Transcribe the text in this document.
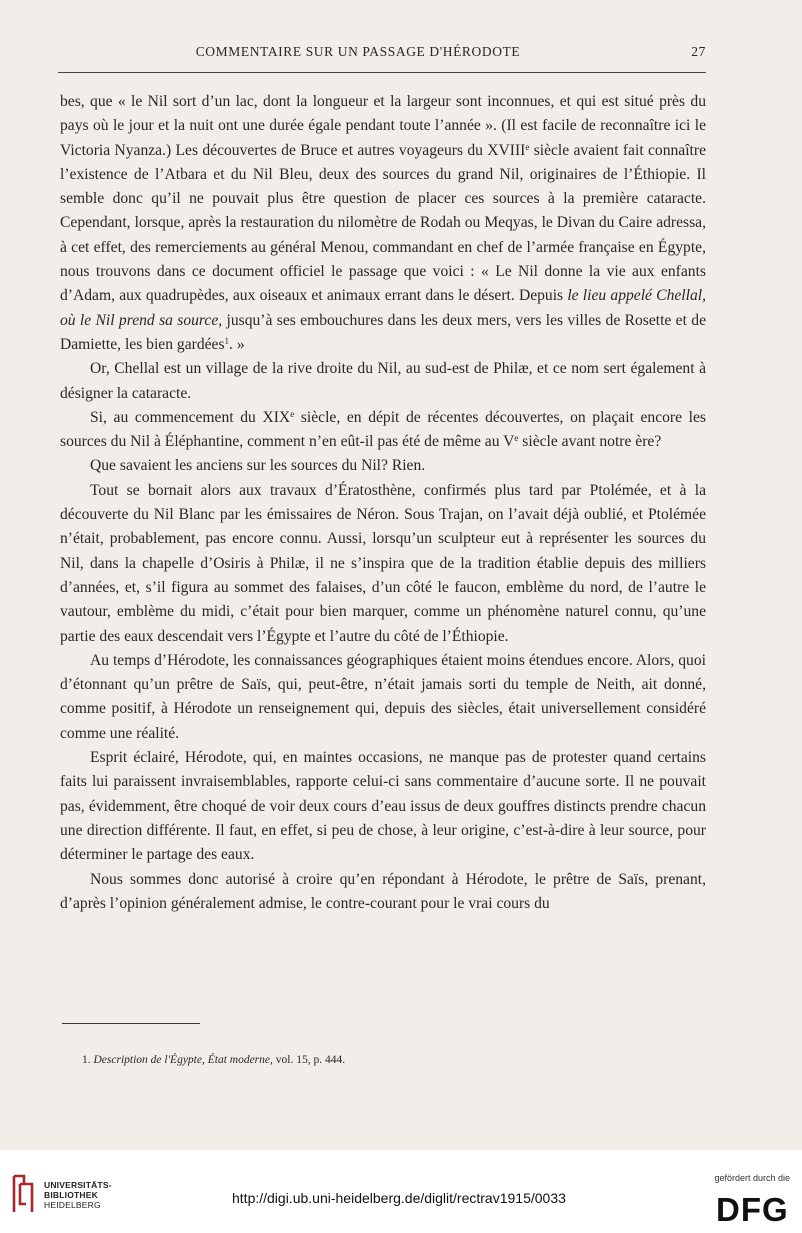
COMMENTAIRE SUR UN PASSAGE D'HÉRODOTE	27

bes, que « le Nil sort d’un lac, dont la longueur et la largeur sont inconnues, et qui est situé près du pays où le jour et la nuit ont une durée égale pendant toute l’année ». (Il est facile de reconnaître ici le Victoria Nyanza.) Les découvertes de Bruce et autres voyageurs du XVIIIe siècle avaient fait connaître l’existence de l’Atbara et du Nil Bleu, deux des sources du grand Nil, originaires de l’Éthiopie. Il semble donc qu’il ne pouvait plus être question de placer ces sources à la première cataracte. Cependant, lorsque, après la restauration du nilomètre de Rodah ou Meqyas, le Divan du Caire adressa, à cet effet, des remerciements au général Menou, commandant en chef de l’armée française en Égypte, nous trouvons dans ce document officiel le passage que voici : « Le Nil donne la vie aux enfants d’Adam, aux quadrupèdes, aux oiseaux et animaux errant dans le désert. Depuis le lieu appelé Chellal, où le Nil prend sa source, jusqu’à ses embouchures dans les deux mers, vers les villes de Rosette et de Damiette, les bien gardées$^1$. »

Or, Chellal est un village de la rive droite du Nil, au sud-est de Philæ, et ce nom sert également à désigner la cataracte.

Si, au commencement du XIXe siècle, en dépit de récentes découvertes, on plaçait encore les sources du Nil à Éléphantine, comment n’en eût-il pas été de même au Ve siècle avant notre ère?

Que savaient les anciens sur les sources du Nil? Rien.

Tout se bornait alors aux travaux d’Ératosthène, confirmés plus tard par Ptolémée, et à la découverte du Nil Blanc par les émissaires de Néron. Sous Trajan, on l’avait déjà oublié, et Ptolémée n’était, probablement, pas encore connu. Aussi, lorsqu’un sculpteur eut à représenter les sources du Nil, dans la chapelle d’Osiris à Philæ, il ne s’inspira que de la tradition établie depuis des milliers d’années, et, s’il figura au sommet des falaises, d’un côté le faucon, emblème du nord, de l’autre le vautour, emblème du midi, c’était pour bien marquer, comme un phénomène naturel connu, qu’une partie des eaux descendait vers l’Égypte et l’autre du côté de l’Éthiopie.

Au temps d’Hérodote, les connaissances géographiques étaient moins étendues encore. Alors, quoi d’étonnant qu’un prêtre de Saïs, qui, peut-être, n’était jamais sorti du temple de Neith, ait donné, comme positif, à Hérodote un renseignement qui, depuis des siècles, était universellement considéré comme une réalité.

Esprit éclairé, Hérodote, qui, en maintes occasions, ne manque pas de protester quand certains faits lui paraissent invraisemblables, rapporte celui-ci sans commentaire d’aucune sorte. Il ne pouvait pas, évidemment, être choqué de voir deux cours d’eau issus de deux gouffres distincts prendre chacun une direction différente. Il faut, en effet, si peu de chose, à leur origine, c’est-à-dire à leur source, pour déterminer le partage des eaux.

Nous sommes donc autorisé à croire qu’en répondant à Hérodote, le prêtre de Saïs, prenant, d’après l’opinion généralement admise, le contre-courant pour le vrai cours du

1. Description de l'Égypte, État moderne, vol. 15, p. 444.
UNIVERSITÄTS-
BIBLIOTHEK
HEIDELBERG	http://digi.ub.uni-heidelberg.de/diglit/rectrav1915/0033
gefördert durch die
DFG
